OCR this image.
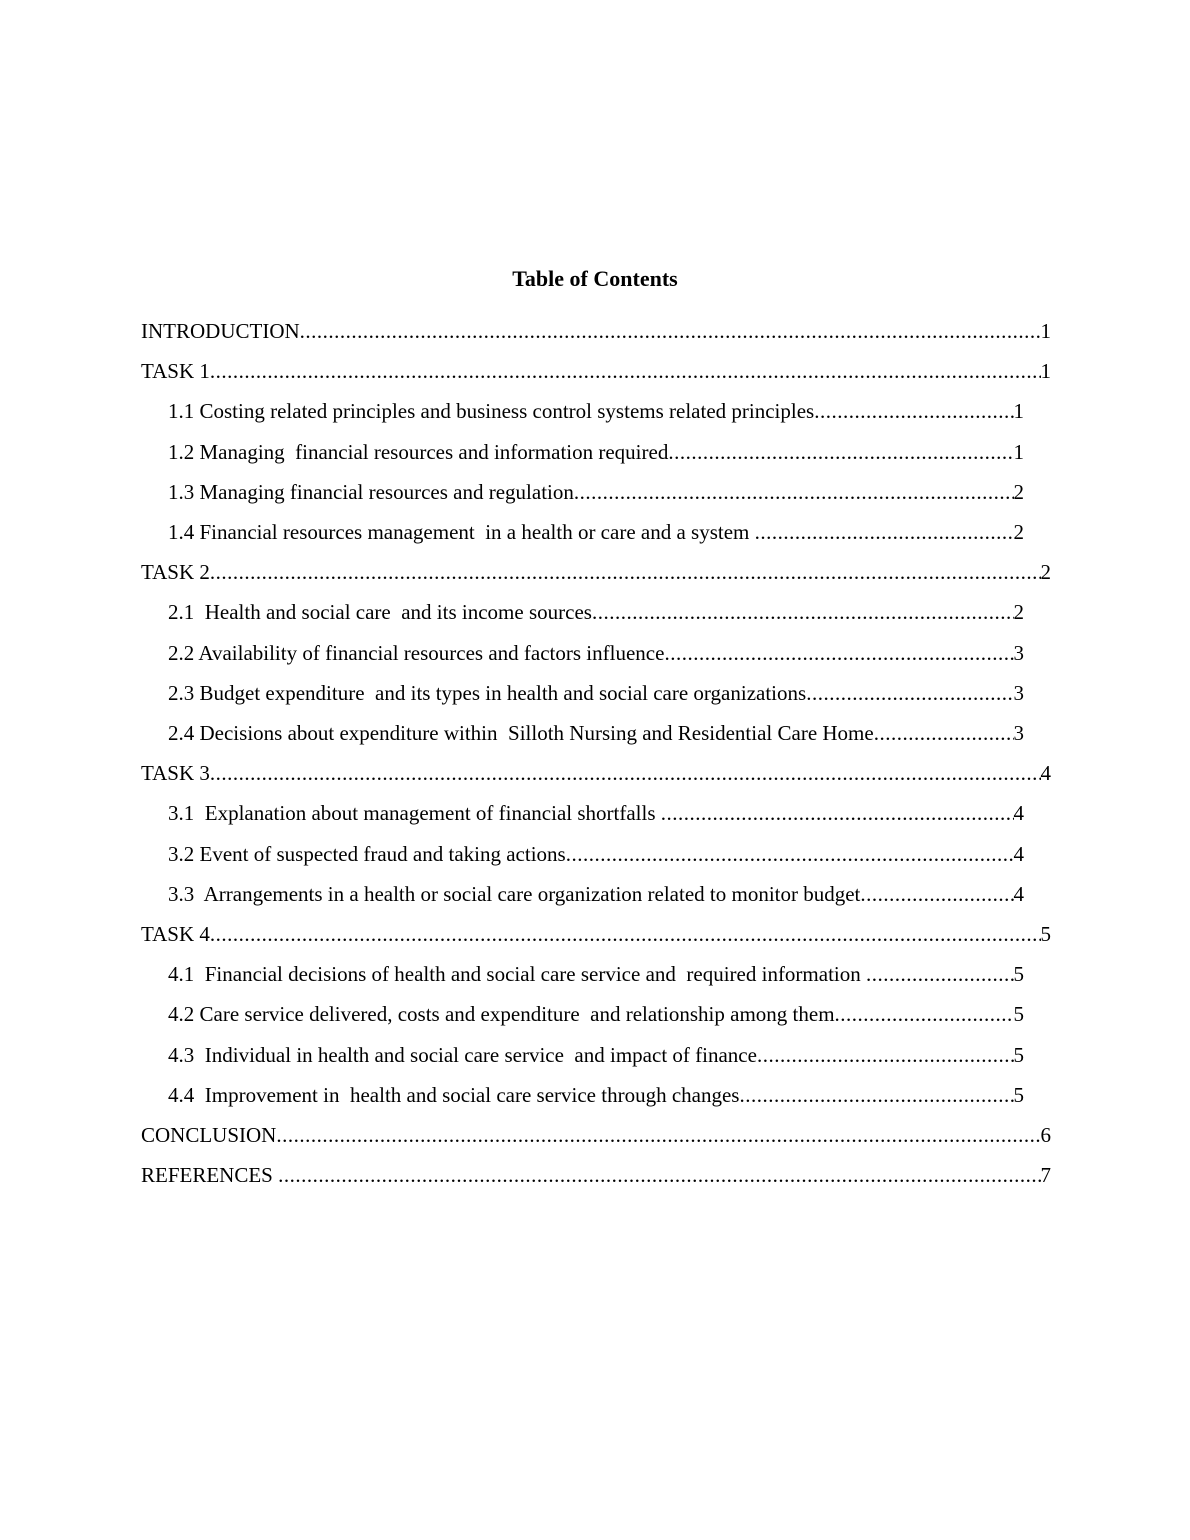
Table of Contents
INTRODUCTION .....	1
TASK 1 .....	1
1.1 Costing related principles and business control systems related principles .....	1
1.2 Managing  financial resources and information required .....	1
1.3 Managing financial resources and regulation .....	2
1.4 Financial resources management  in a health or care and a system .....	2
TASK 2 .....	2
2.1  Health and social care  and its income sources .....	2
2.2 Availability of financial resources and factors influence .....	3
2.3 Budget expenditure  and its types in health and social care organizations .....	3
2.4 Decisions about expenditure within  Silloth Nursing and Residential Care Home .....	3
TASK 3 .....	4
3.1  Explanation about management of financial shortfalls .....	4
3.2 Event of suspected fraud and taking actions .....	4
3.3  Arrangements in a health or social care organization related to monitor budget .....	4
TASK 4 .....	5
4.1  Financial decisions of health and social care service and  required information .....	5
4.2 Care service delivered, costs and expenditure  and relationship among them .....	5
4.3  Individual in health and social care service  and impact of finance .....	5
4.4  Improvement in  health and social care service through changes .....	5
CONCLUSION .....	6
REFERENCES .....	7
